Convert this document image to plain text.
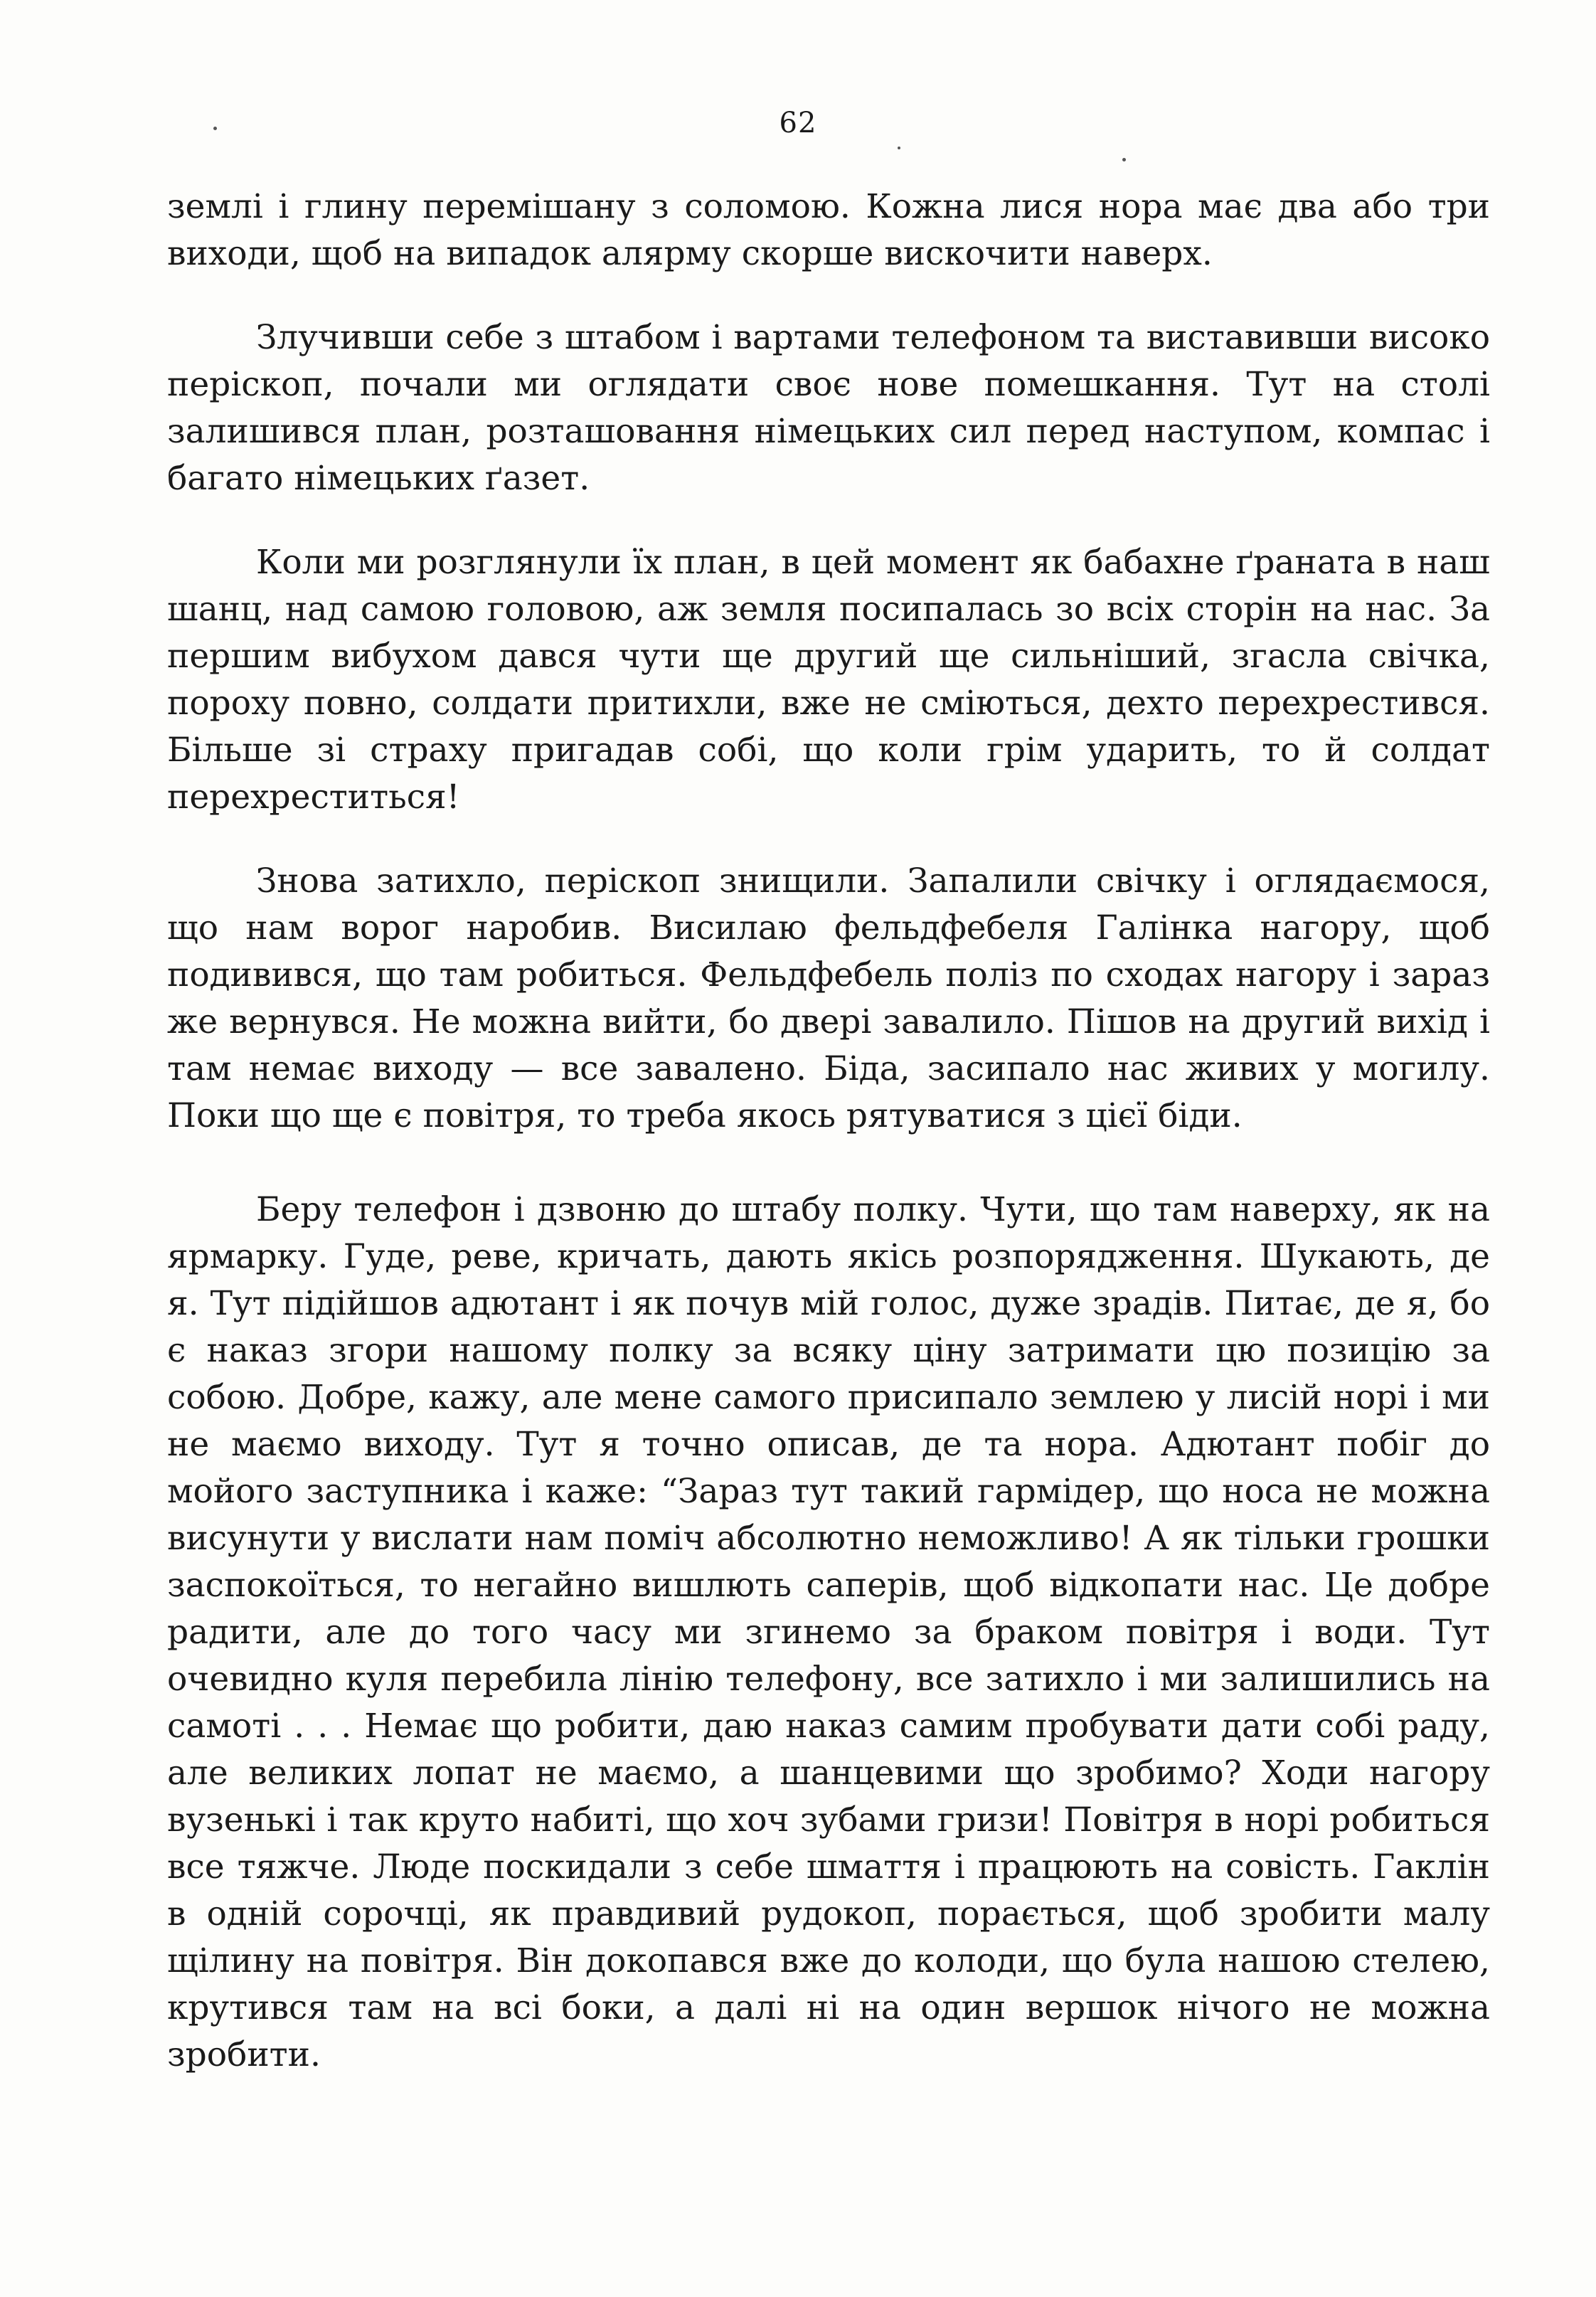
62

землі і глину перемішану з соломою. Кожна лися нора має два або три виходи, щоб на випадок алярму скорше вискочити наверх.

Злучивши себе з штабом і вартами телефоном та виставивши високо періскоп, почали ми оглядати своє нове помешкання. Тут на столі залишився план, розташовання німецьких сил перед наступом, компас і багато німецьких ґазет.

Коли ми розглянули їх план, в цей момент як бабахне ґраната в наш шанц, над самою головою, аж земля посипалась зо всіх сторін на нас. За першим вибухом дався чути ще другий ще сильніший, згасла свічка, пороху повно, солдати притихли, вже не сміються, дехто перехрестився. Більше зі страху пригадав собі, що коли грім ударить, то й солдат перехреститься!

Знова затихло, періскоп знищили. Запалили свічку і оглядаємося, що нам ворог наробив. Висилаю фельдфебеля Галінка нагору, щоб подивився, що там робиться. Фельдфебель поліз по сходах нагору і зараз же вернувся. Не можна вийти, бо двері завалило. Пішов на другий вихід і там немає виходу — все завалено. Біда, засипало нас живих у могилу. Поки що ще є повітря, то треба якось рятуватися з цієї біди.

Беру телефон і дзвоню до штабу полку. Чути, що там наверху, як на ярмарку. Гуде, реве, кричать, дають якісь розпорядження. Шукають, де я. Тут підійшов адютант і як почув мій голос, дуже зрадів. Питає, де я, бо є наказ згори нашому полку за всяку ціну затримати цю позицію за собою. Добре, кажу, але мене самого присипало землею у лисій норі і ми не маємо виходу. Тут я точно описав, де та нора. Адютант побіг до мойого заступника і каже: “Зараз тут такий гармідер, що носа не можна висунути у вислати нам поміч абсолютно неможливо! А як тільки грошки заспокоїться, то негайно вишлють саперів, щоб відкопати нас. Це добре радити, але до того часу ми згинемо за браком повітря і води. Тут очевидно куля перебила лінію телефону, все затихло і ми залишились на самоті . . . Немає що робити, даю наказ самим пробувати дати собі раду, але великих лопат не маємо, а шанцевими що зробимо? Ходи нагору вузенькі і так круто набиті, що хоч зубами гризи! Повітря в норі робиться все тяжче. Люде поскидали з себе шмаття і працюють на совість. Гаклін в одній сорочці, як правдивий рудокоп, порається, щоб зробити малу щілину на повітря. Він докопався вже до колоди, що була нашою стелею, крутився там на всі боки, а далі ні на один вершок нічого не можна зробити.
